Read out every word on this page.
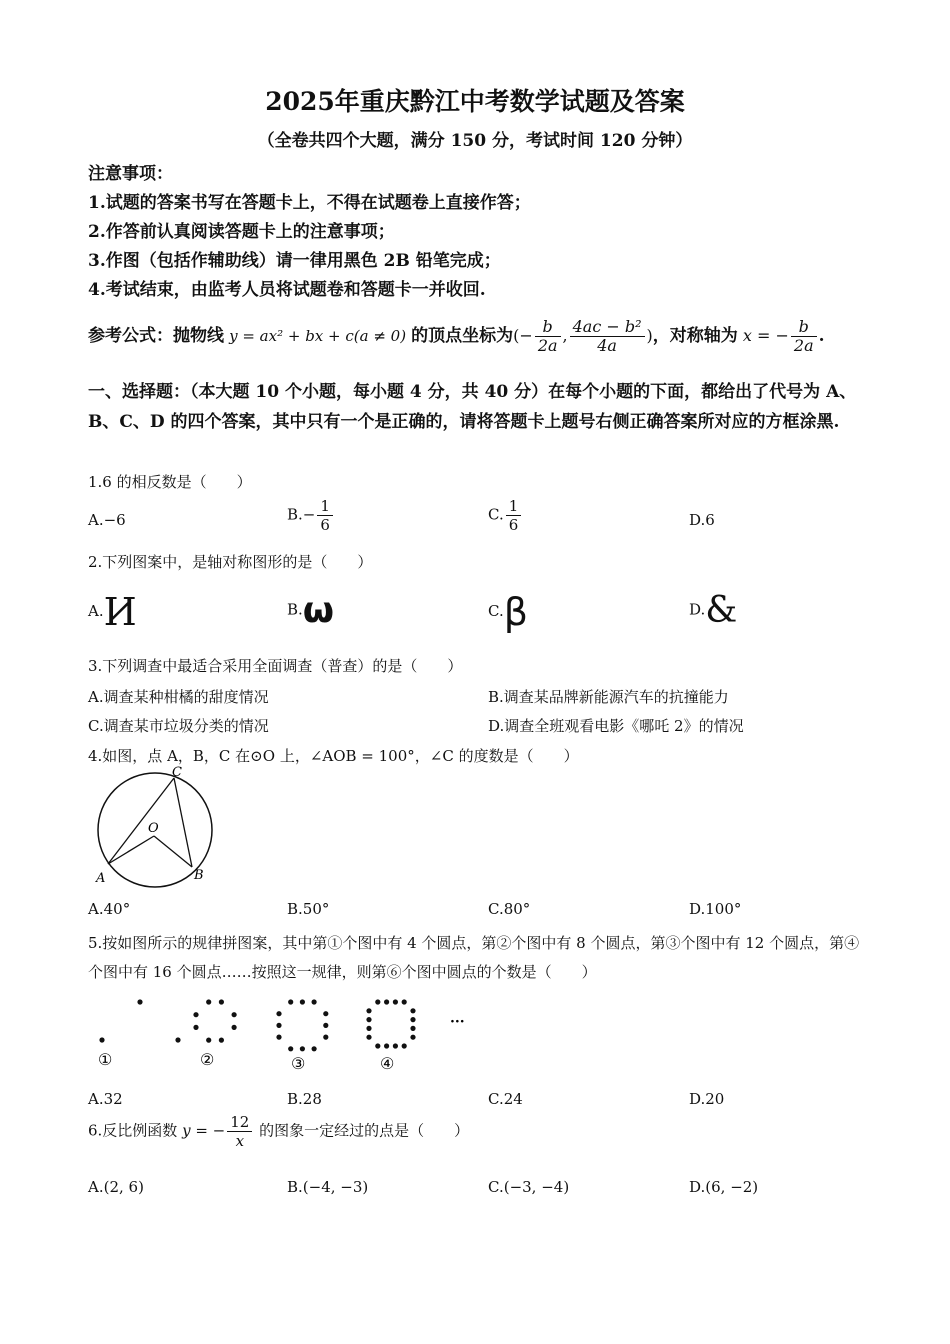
2025年重庆黔江中考数学试题及答案
（全卷共四个大题，满分 150 分，考试时间 120 分钟）
注意事项：
1.试题的答案书写在答题卡上，不得在试题卷上直接作答；
2.作答前认真阅读答题卡上的注意事项；
3.作图（包括作辅助线）请一律用黑色 2B 铅笔完成；
4.考试结束，由监考人员将试题卷和答题卡一并收回.
参考公式：抛物线 y = ax² + bx + c(a ≠ 0) 的顶点坐标为(− $\frac{b}{2a}$ , $\frac{\text{4ac − b²}}{4a}$ )，对称轴为 x = − $\frac{b}{2a}$ .
一、选择题：（本大题 10 个小题，每小题 4 分，共 40 分）在每个小题的下面，都给出了代号为 A、B、C、D 的四个答案，其中只有一个是正确的，请将答题卡上题号右侧正确答案所对应的方框涂黑.
1.6 的相反数是（　　）
A.−6	$B.- \frac{1}{6}$	C. $\frac{1}{6}$	D.6
2.下列图案中，是轴对称图形的是（　　）
A.И	B.ω	C.β	D.&
3.下列调查中最适合采用全面调查（普查）的是（　　）
A.调查某种柑橘的甜度情况	B.调查某品牌新能源汽车的抗撞能力
C.调查某市垃圾分类的情况	D.调查全班观看电影《哪吒 2》的情况
4.如图，点 A，B，C 在⊙O 上，∠AOB = 100°，∠C 的度数是（　　）
C
O
A	B
A.40°	B.50°	C.80°	D.100°
5.按如图所示的规律拼图案，其中第①个图中有 4 个圆点，第②个图中有 8 个圆点，第③个图中有 12 个圆点，第④个图中有 16 个圆点……按照这一规律，则第⑥个图中圆点的个数是（　　）
①	②	③	④
···
A.32	B.28	C.24	D.20
6.反比例函数 y = − $\frac{12}{x}$ 的图象一定经过的点是（　　）
A.(2, 6)	B.(−4, −3)	C.(−3, −4)	D.(6, −2)
